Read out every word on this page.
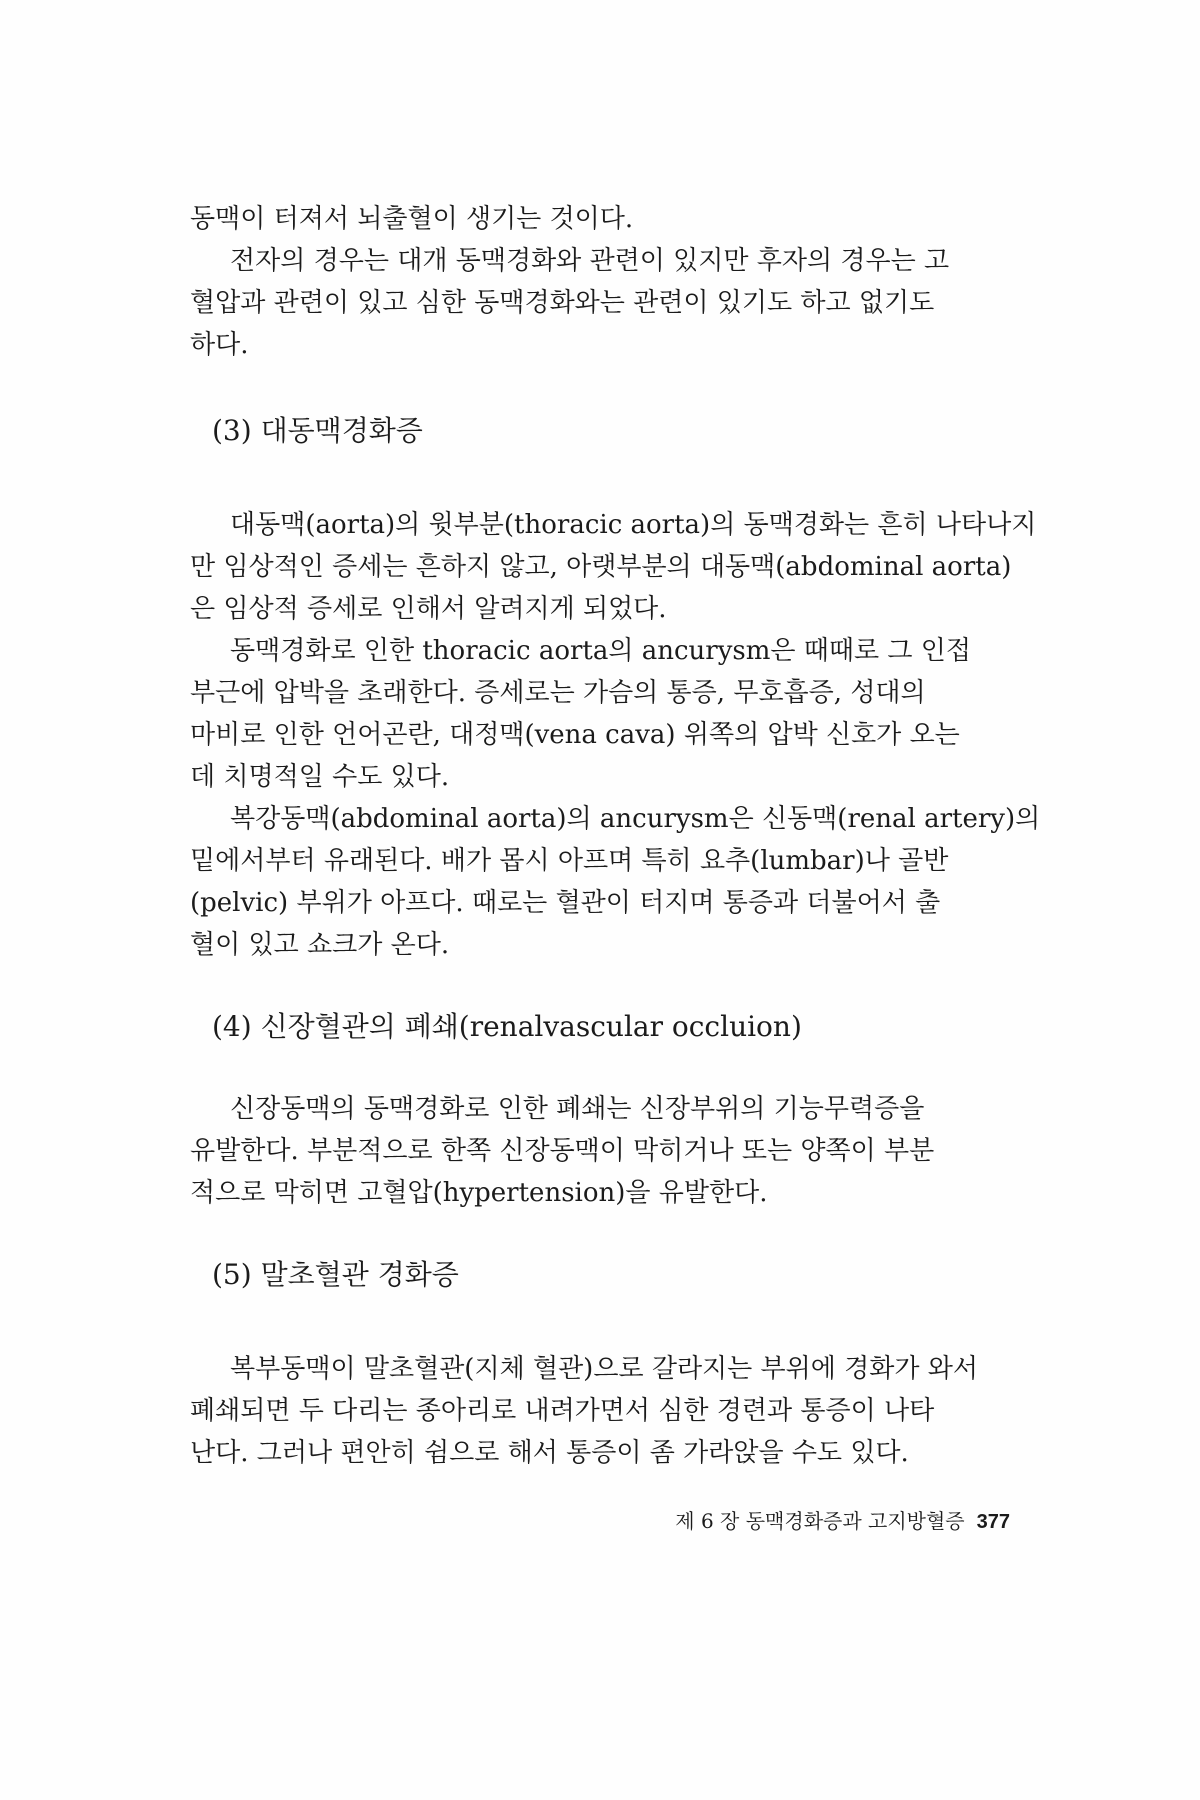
동맥이 터져서 뇌출혈이 생기는 것이다.

전자의 경우는 대개 동맥경화와 관련이 있지만 후자의 경우는 고

혈압과 관련이 있고 심한 동맥경화와는 관련이 있기도 하고 없기도

하다.

(3) 대동맥경화증

대동맥(aorta)의 윗부분(thoracic aorta)의 동맥경화는 흔히 나타나지

만 임상적인 증세는 흔하지 않고, 아랫부분의 대동맥(abdominal aorta)

은 임상적 증세로 인해서 알려지게 되었다.

동맥경화로 인한 thoracic aorta의 ancurysm은 때때로 그 인접

부근에 압박을 초래한다. 증세로는 가슴의 통증, 무호흡증, 성대의

마비로 인한 언어곤란, 대정맥(vena cava) 위쪽의 압박 신호가 오는

데 치명적일 수도 있다.

복강동맥(abdominal aorta)의 ancurysm은 신동맥(renal artery)의

밑에서부터 유래된다. 배가 몹시 아프며 특히 요추(lumbar)나 골반

(pelvic) 부위가 아프다. 때로는 혈관이 터지며 통증과 더불어서 출

혈이 있고 쇼크가 온다.

(4) 신장혈관의 폐쇄(renalvascular occluion)

신장동맥의 동맥경화로 인한 폐쇄는 신장부위의 기능무력증을

유발한다. 부분적으로 한쪽 신장동맥이 막히거나 또는 양쪽이 부분

적으로 막히면 고혈압(hypertension)을 유발한다.

(5) 말초혈관 경화증

복부동맥이 말초혈관(지체 혈관)으로 갈라지는 부위에 경화가 와서

폐쇄되면 두 다리는 종아리로 내려가면서 심한 경련과 통증이 나타

난다. 그러나 편안히 쉼으로 해서 통증이 좀 가라앉을 수도 있다.

제 6 장 동맥경화증과 고지방혈증 377
